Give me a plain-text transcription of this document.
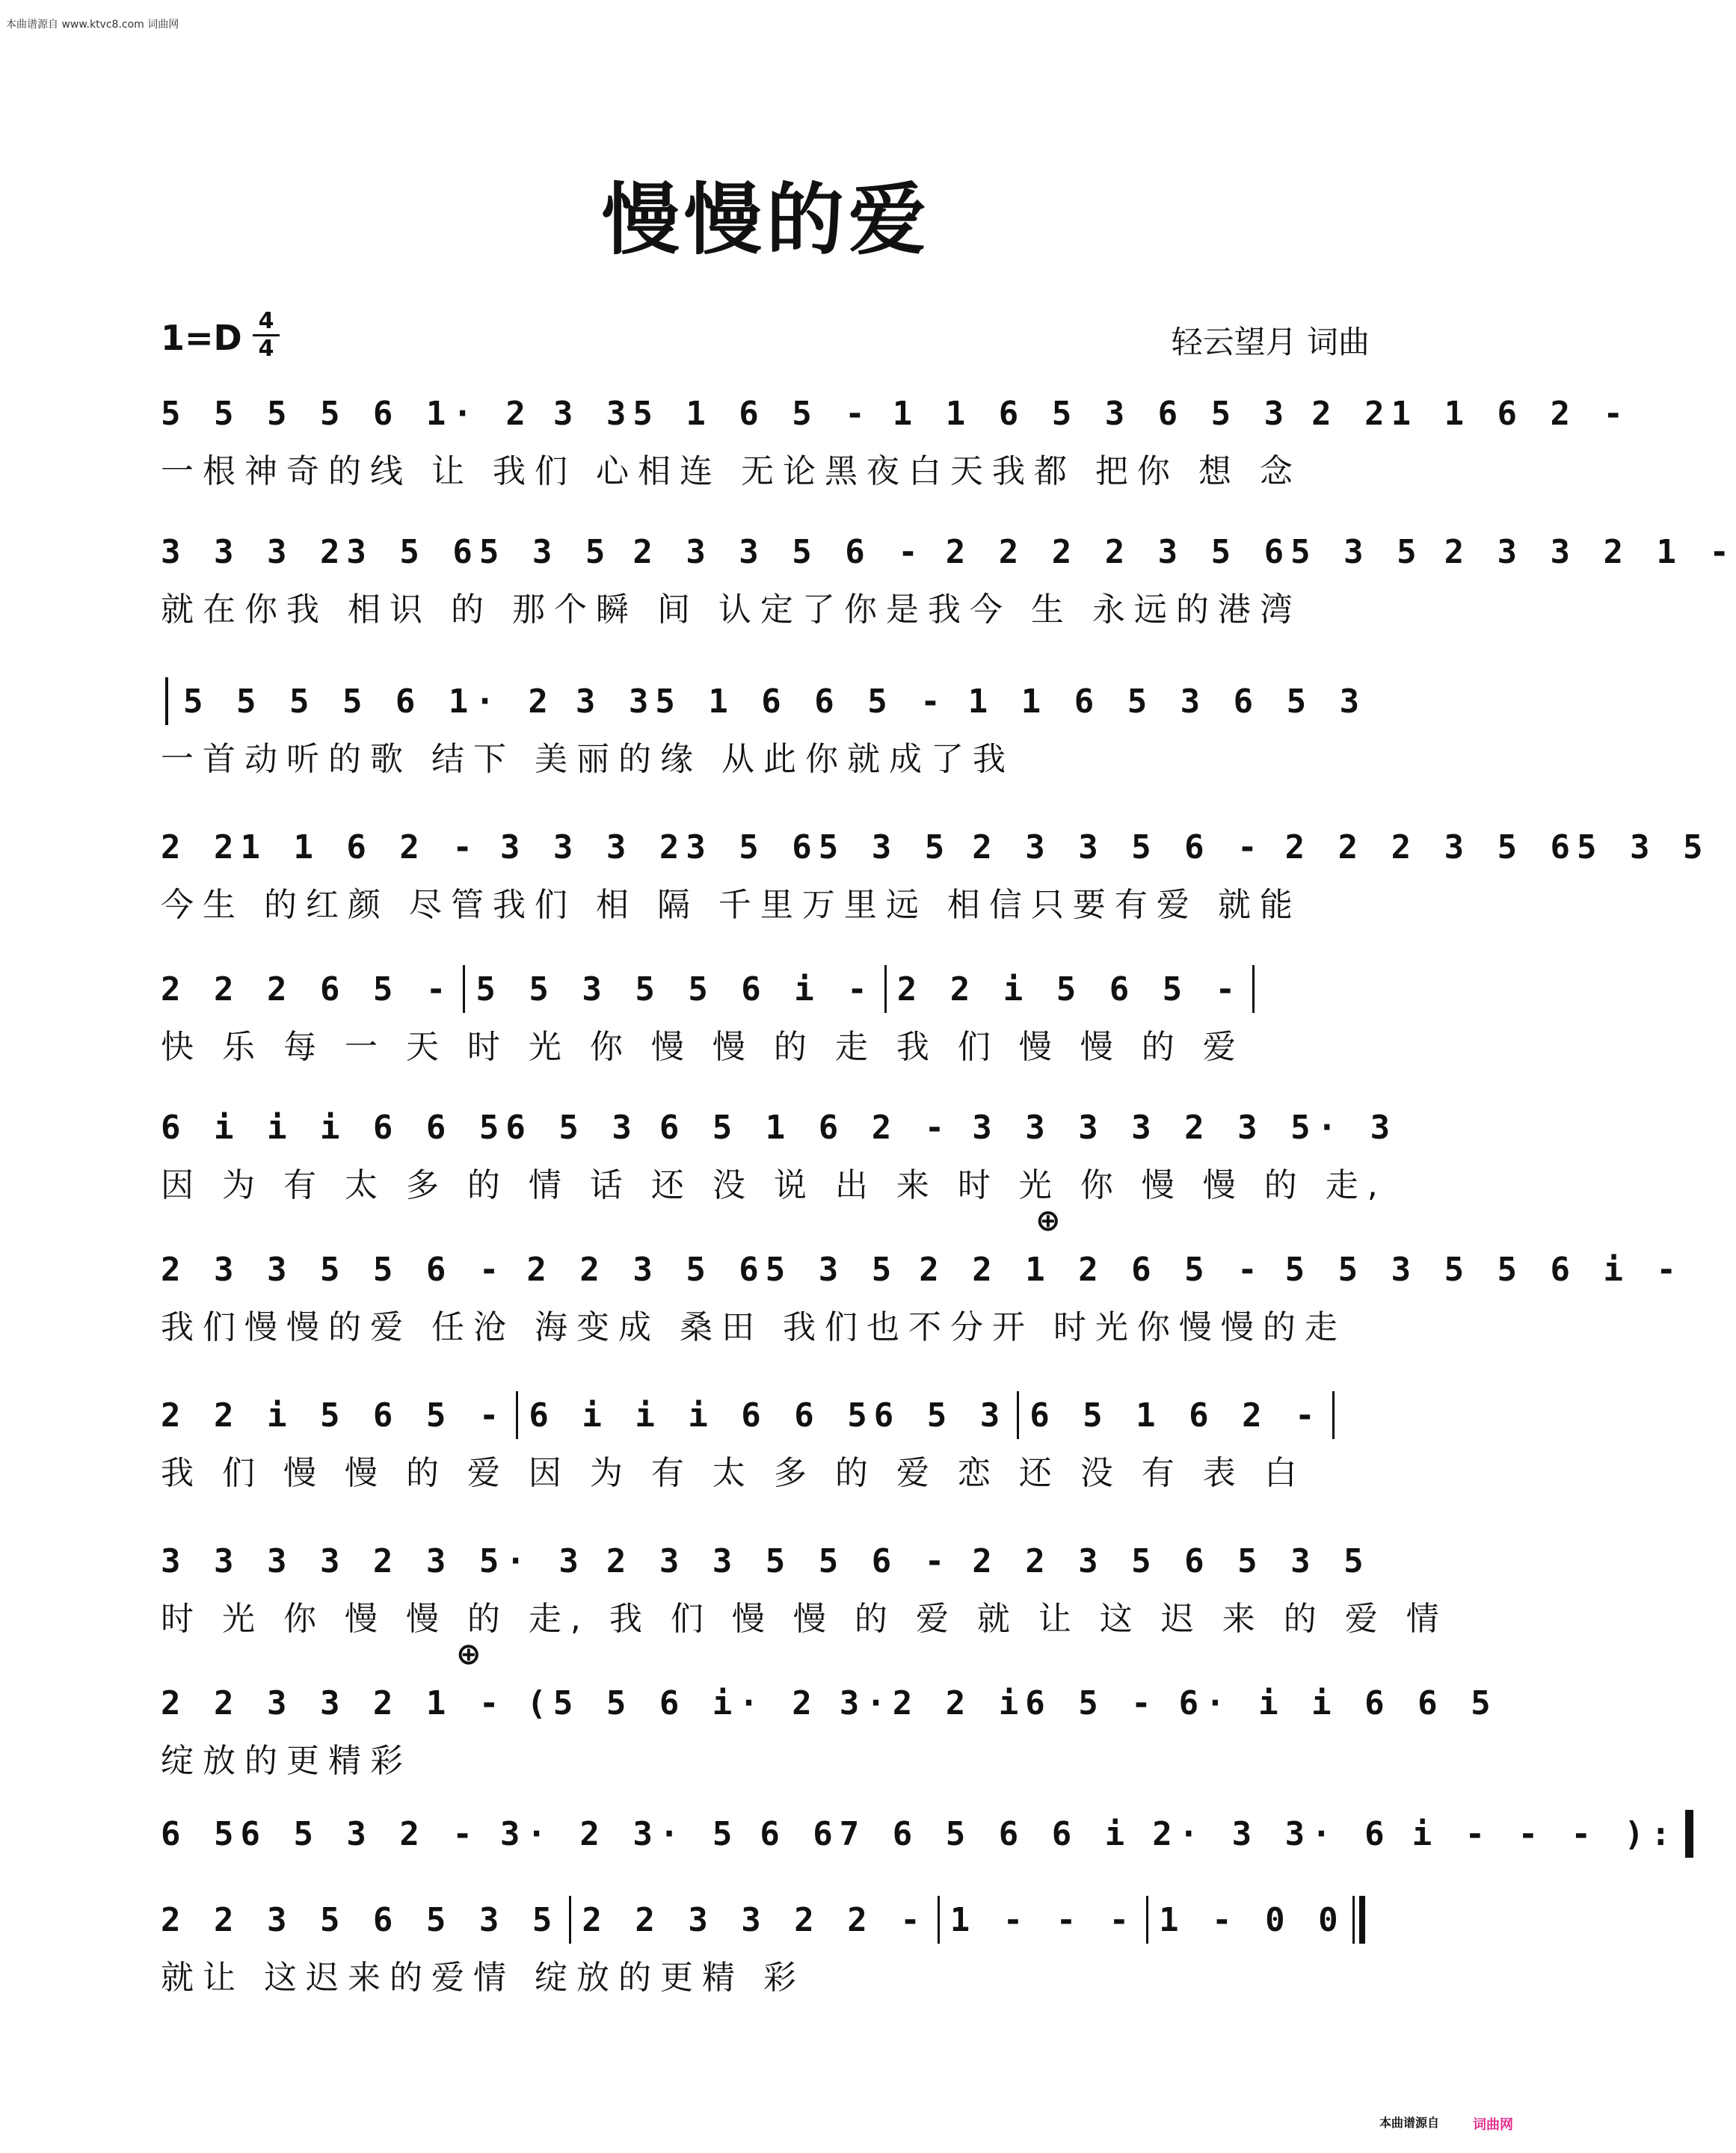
本曲谱源自 www.ktvc8.com 词曲网
慢慢的爱
1=D 4
4	轻云望月 词曲
5 5 5 5 6 1· 2 3 35 1 6 5 - 1 1 6 5 3 6 5 3 2 21 1 6 2 -
一根神奇的线 让 我们 心相连 无论黑夜白天我都 把你 想 念
3 3 3 23 5 65 3 5 2 3 3 5 6 - 2 2 2 2 3 5 65 3 5 2 3 3 2 1 -
就在你我 相识 的 那个瞬 间 认定了你是我今 生 永远的港湾
5 5 5 5 6 1· 2 3 35 1 6 6 5 - 1 1 6 5 3 6 5 3
一首动听的歌 结下 美丽的缘 从此你就成了我
2 21 1 6 2 - 3 3 3 23 5 65 3 5 2 3 3 5 6 - 2 2 2 3 5 65 3 5
今生 的红颜 尽管我们 相 隔 千里万里远 相信只要有爱 就能
2 2 2 6 5 - 5 5 3 5 5 6 i - 2 2 i 5 6 5 -
快 乐 每 一 天 时 光 你 慢 慢 的 走 我 们 慢 慢 的 爱
6 i i i 6 6 56 5 3 6 5 1 6 2 - 3 3 3 3 2 3 5· 3
因 为 有 太 多 的 情 话 还 没 说 出 来 时 光 你 慢 慢 的 走,
2 3 3 5 5 6 - 2 2 3 5 65 3 5 2 2 1 2 6 5 - 5 5 3 5 5 6 i -
我们慢慢的爱 任沧 海变成 桑田 我们也不分开 时光你慢慢的走
2 2 i 5 6 5 - 6 i i i 6 6 56 5 3 6 5 1 6 2 -
我 们 慢 慢 的 爱 因 为 有 太 多 的 爱 恋 还 没 有 表 白
3 3 3 3 2 3 5· 3 2 3 3 5 5 6 - 2 2 3 5 6 5 3 5
时 光 你 慢 慢 的 走, 我 们 慢 慢 的 爱 就 让 这 迟 来 的 爱 情
2 2 3 3 2 1 - (5 5 6 i· 2 3·2 2 i6 5 - 6· i i 6 6 5
绽放的更精彩
6 56 5 3 2 - 3· 2 3· 5 6 67 6 5 6 6 i 2· 3 3· 6 i - - - ):
2 2 3 5 6 5 3 5 2 2 3 3 2 2 - 1 - - - 1 - 0 0
就让 这迟来的爱情 绽放的更精 彩
⊕
⊕
本曲谱源自	词曲网
